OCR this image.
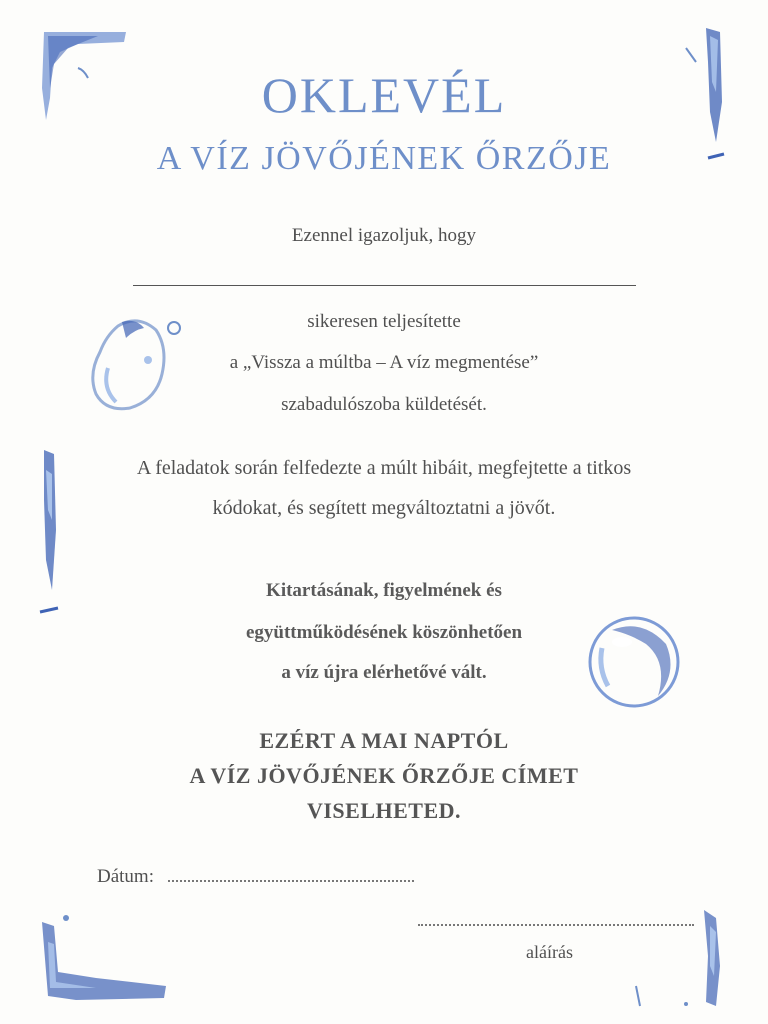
OKLEVÉL
A VÍZ JÖVŐJÉNEK ŐRZŐJE
Ezennel igazoljuk, hogy
sikeresen teljesítette
a „Vissza a múltba – A víz megmentése”
szabadulószoba küldetését.
A feladatok során felfedezte a múlt hibáit, megfejtette a titkos
kódokat, és segített megváltoztatni a jövőt.
Kitartásának, figyelmének és
együttműködésének köszönhetően
a víz újra elérhetővé vált.
EZÉRT A MAI NAPTÓL
A VÍZ JÖVŐJÉNEK ŐRZŐJE CÍMET
VISELHETED.
Dátum:
aláírás
